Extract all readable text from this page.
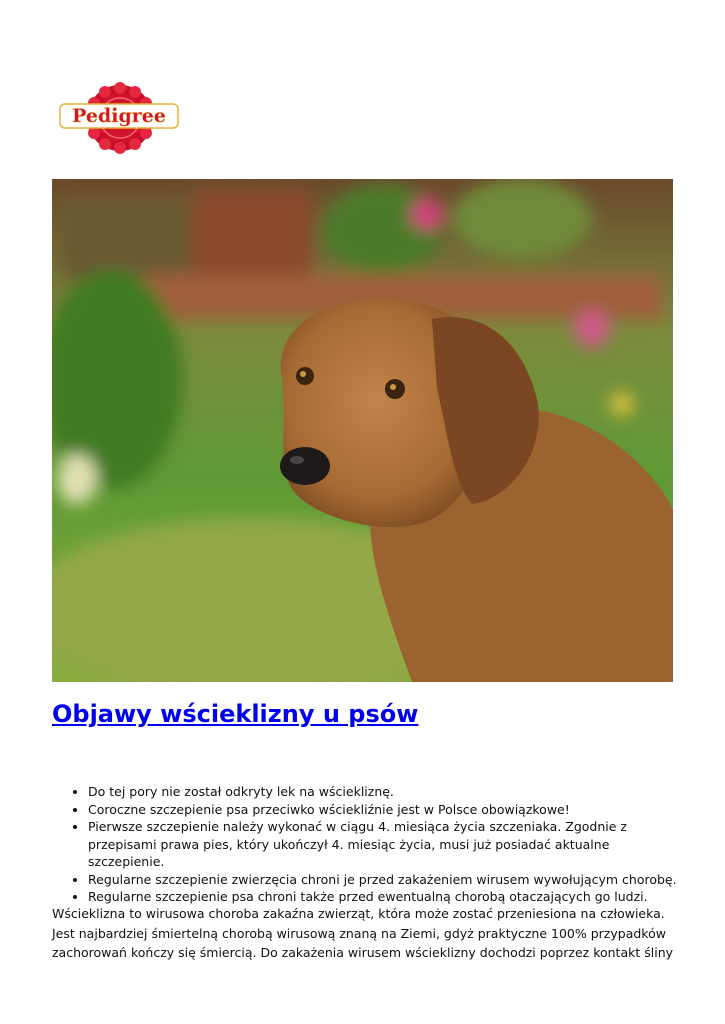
Pedigree
Objawy wścieklizny u psów
• Do tej pory nie został odkryty lek na wściekliznę.
• Coroczne szczepienie psa przeciwko wściekliźnie jest w Polsce obowiązkowe!
• Pierwsze szczepienie należy wykonać w ciągu 4. miesiąca życia szczeniaka. Zgodnie z przepisami prawa pies, który ukończył 4. miesiąc życia, musi już posiadać aktualne szczepienie.
• Regularne szczepienie zwierzęcia chroni je przed zakażeniem wirusem wywołującym chorobę.
• Regularne szczepienie psa chroni także przed ewentualną chorobą otaczających go ludzi.

Wścieklizna to wirusowa choroba zakaźna zwierząt, która może zostać przeniesiona na człowieka. Jest najbardziej śmiertelną chorobą wirusową znaną na Ziemi, gdyż praktyczne 100% przypadków zachorowań kończy się śmiercią. Do zakażenia wirusem wścieklizny dochodzi poprzez kontakt śliny
